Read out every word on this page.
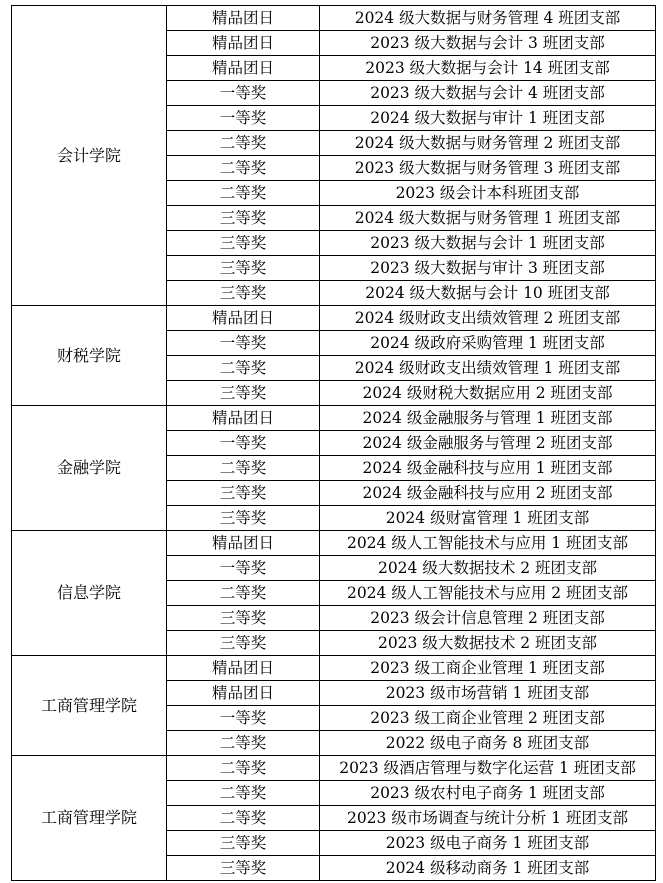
会计学院	精品团日	2024 级大数据与财务管理 4 班团支部
	精品团日	2023 级大数据与会计 3 班团支部
	精品团日	2023 级大数据与会计 14 班团支部
	一等奖	2023 级大数据与会计 4 班团支部
	一等奖	2024 级大数据与审计 1 班团支部
	二等奖	2024 级大数据与财务管理 2 班团支部
	二等奖	2023 级大数据与财务管理 3 班团支部
	二等奖	2023 级会计本科班团支部
	三等奖	2024 级大数据与财务管理 1 班团支部
	三等奖	2023 级大数据与会计 1 班团支部
	三等奖	2023 级大数据与审计 3 班团支部
	三等奖	2024 级大数据与会计 10 班团支部
财税学院	精品团日	2024 级财政支出绩效管理 2 班团支部
	一等奖	2024 级政府采购管理 1 班团支部
	二等奖	2024 级财政支出绩效管理 1 班团支部
	三等奖	2024 级财税大数据应用 2 班团支部
金融学院	精品团日	2024 级金融服务与管理 1 班团支部
	一等奖	2024 级金融服务与管理 2 班团支部
	二等奖	2024 级金融科技与应用 1 班团支部
	三等奖	2024 级金融科技与应用 2 班团支部
	三等奖	2024 级财富管理 1 班团支部
信息学院	精品团日	2024 级人工智能技术与应用 1 班团支部
	一等奖	2024 级大数据技术 2 班团支部
	二等奖	2024 级人工智能技术与应用 2 班团支部
	三等奖	2023 级会计信息管理 2 班团支部
	三等奖	2023 级大数据技术 2 班团支部
工商管理学院	精品团日	2023 级工商企业管理 1 班团支部
	精品团日	2023 级市场营销 1 班团支部
	一等奖	2023 级工商企业管理 2 班团支部
	二等奖	2022 级电子商务 8 班团支部
工商管理学院	二等奖	2023 级酒店管理与数字化运营 1 班团支部
	二等奖	2023 级农村电子商务 1 班团支部
	二等奖	2023 级市场调查与统计分析 1 班团支部
	三等奖	2023 级电子商务 1 班团支部
	三等奖	2024 级移动商务 1 班团支部
